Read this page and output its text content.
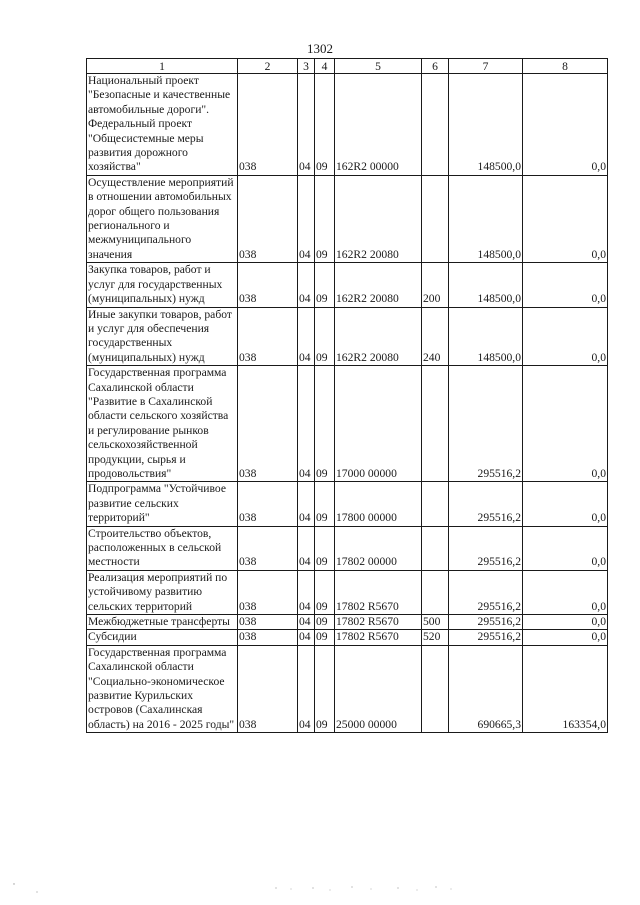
1302
1	2	3	4	5	6	7	8
Национальный проект "Безопасные и качественные автомобильные дороги". Федеральный проект "Общесистемные меры развития дорожного хозяйства"	038	04	09	162R2 00000		148500,0	0,0
Осуществление мероприятий в отношении автомобильных дорог общего пользования регионального и межмуниципального значения	038	04	09	162R2 20080		148500,0	0,0
Закупка товаров, работ и услуг для государственных (муниципальных) нужд	038	04	09	162R2 20080	200	148500,0	0,0
Иные закупки товаров, работ и услуг для обеспечения государственных (муниципальных) нужд	038	04	09	162R2 20080	240	148500,0	0,0
Государственная программа Сахалинской области "Развитие в Сахалинской области сельского хозяйства и регулирование рынков сельскохозяйственной продукции, сырья и продовольствия"	038	04	09	17000 00000		295516,2	0,0
Подпрограмма "Устойчивое развитие сельских территорий"	038	04	09	17800 00000		295516,2	0,0
Строительство объектов, расположенных в сельской местности	038	04	09	17802 00000		295516,2	0,0
Реализация мероприятий по устойчивому развитию сельских территорий	038	04	09	17802 R5670		295516,2	0,0
Межбюджетные трансферты	038	04	09	17802 R5670	500	295516,2	0,0
Субсидии	038	04	09	17802 R5670	520	295516,2	0,0
Государственная программа Сахалинской области "Социально-экономическое развитие Курильских островов (Сахалинская область) на 2016 - 2025 годы"	038	04	09	25000 00000		690665,3	163354,0
